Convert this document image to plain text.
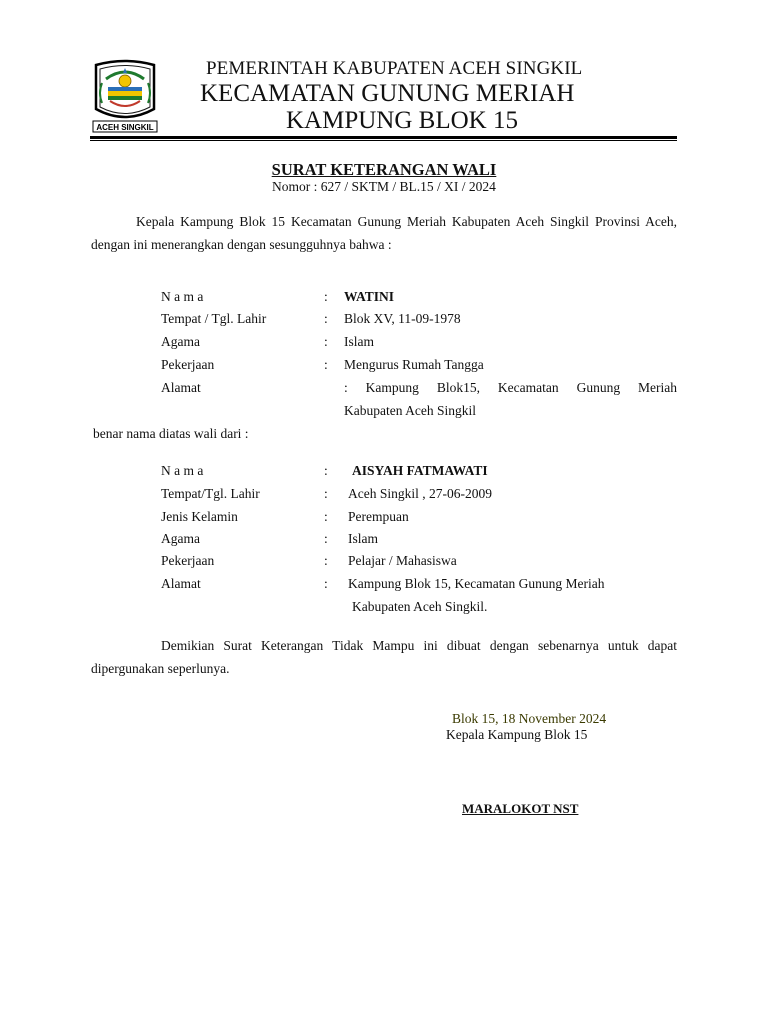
ACEH SINGKIL
PEMERINTAH KABUPATEN ACEH SINGKIL
KECAMATAN GUNUNG MERIAH
KAMPUNG BLOK 15
SURAT KETERANGAN WALI
Nomor : 627 / SKTM / BL.15 / XI / 2024
Kepala Kampung Blok 15 Kecamatan Gunung Meriah Kabupaten Aceh Singkil Provinsi Aceh, dengan ini menerangkan dengan sesungguhnya bahwa :
N a m a	: WATINI
Tempat / Tgl. Lahir	: Blok XV, 11-09-1978
Agama	: Islam
Pekerjaan	: Mengurus Rumah Tangga
Alamat	: Kampung Blok15, Kecamatan Gunung Meriah
Kabupaten Aceh Singkil
benar nama diatas wali dari :
N a m a	: AISYAH FATMAWATI
Tempat/Tgl. Lahir	: Aceh Singkil , 27-06-2009
Jenis Kelamin	: Perempuan
Agama	: Islam
Pekerjaan	: Pelajar / Mahasiswa
Alamat	: Kampung Blok 15, Kecamatan Gunung Meriah
Kabupaten Aceh Singkil.
Demikian Surat Keterangan Tidak Mampu ini dibuat dengan sebenarnya untuk dapat dipergunakan seperlunya.
Blok 15, 18 November 2024
Kepala Kampung Blok 15
MARALOKOT NST
